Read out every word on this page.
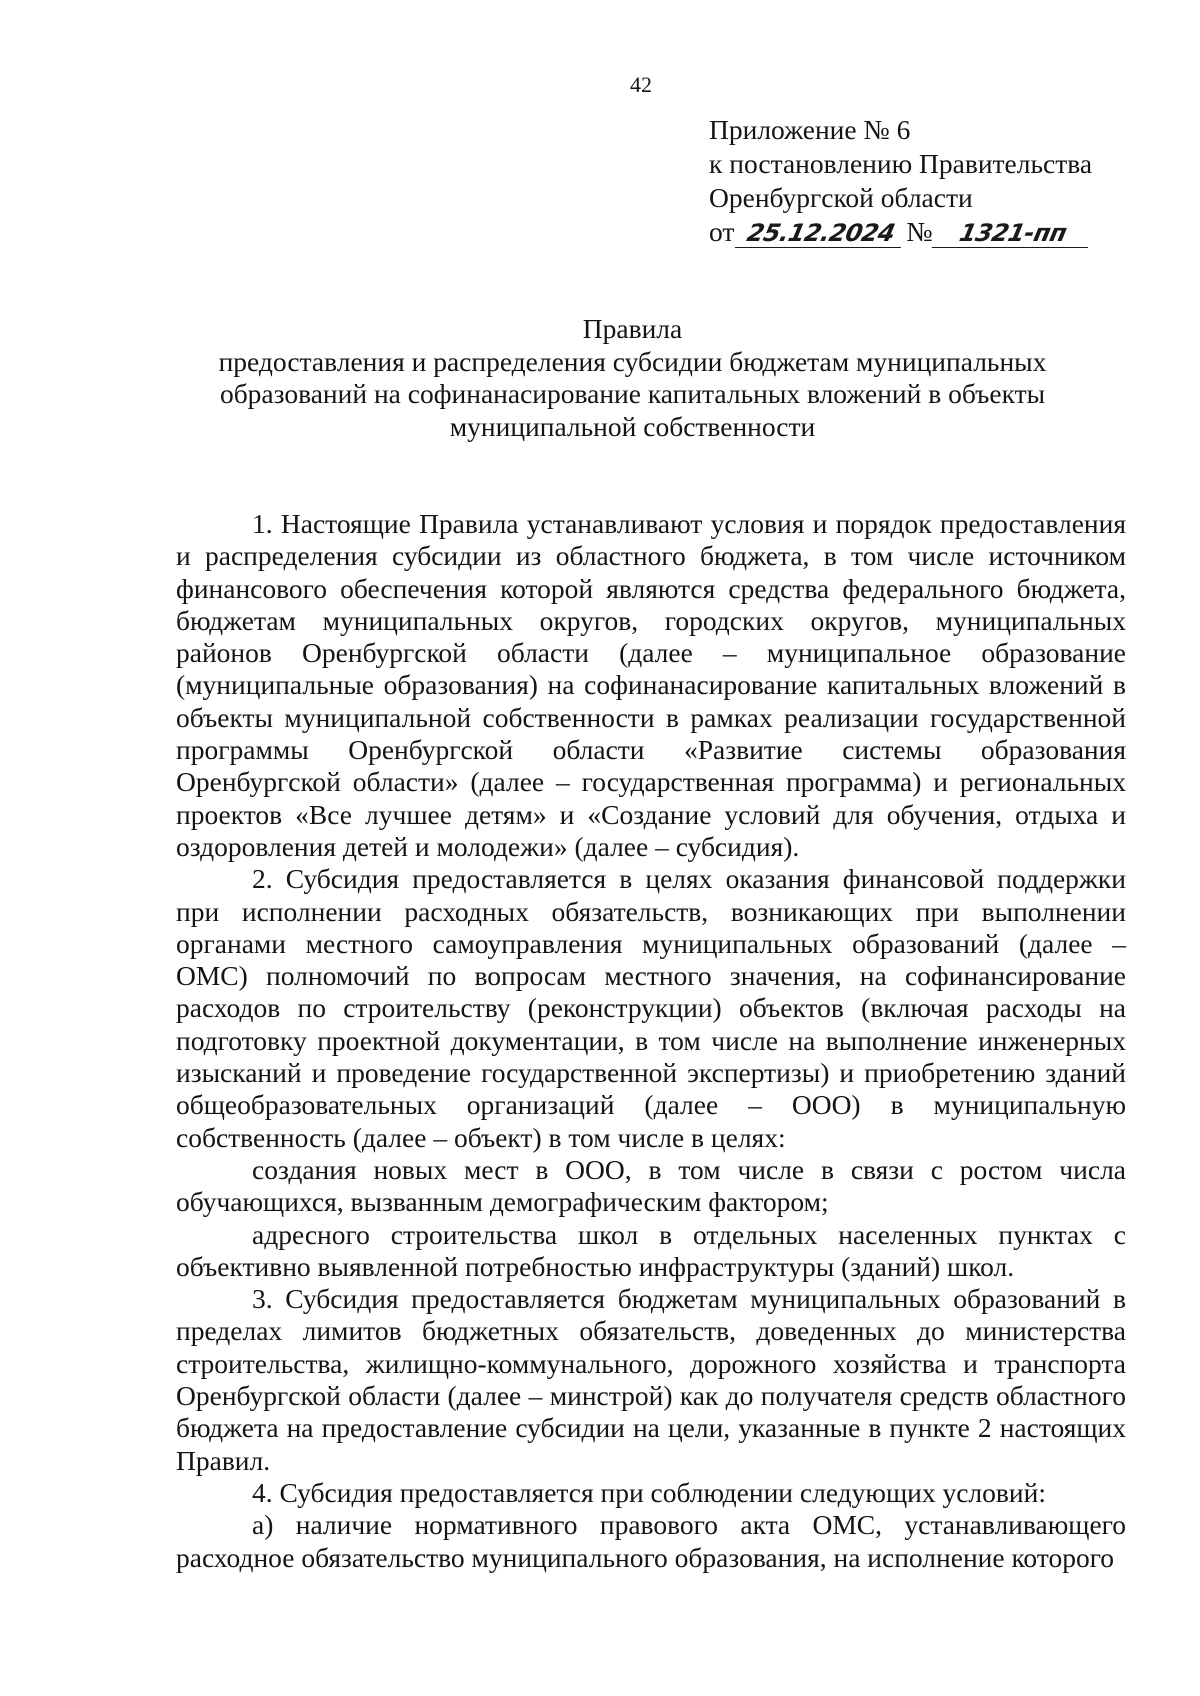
42
Приложение № 6
к постановлению Правительства
Оренбургской области
от 25.12.2024 № 1321-пп
Правила
предоставления и распределения субсидии бюджетам муниципальных
образований на софинанасирование капитальных вложений в объекты
муниципальной собственности

1. Настоящие Правила устанавливают условия и порядок предоставления и распределения субсидии из областного бюджета, в том числе источником финансового обеспечения которой являются средства федерального бюджета, бюджетам муниципальных округов, городских округов, муниципальных районов Оренбургской области (далее – муниципальное образование (муниципальные образования) на софинанасирование капитальных вложений в объекты муниципальной собственности в рамках реализации государственной программы Оренбургской области «Развитие системы образования Оренбургской области» (далее – государственная программа) и региональных проектов «Все лучшее детям» и «Создание условий для обучения, отдыха и оздоровления детей и молодежи» (далее – субсидия).

2. Субсидия предоставляется в целях оказания финансовой поддержки при исполнении расходных обязательств, возникающих при выполнении органами местного самоуправления муниципальных образований (далее – ОМС) полномочий по вопросам местного значения, на софинансирование расходов по строительству (реконструкции) объектов (включая расходы на подготовку проектной документации, в том числе на выполнение инженерных изысканий и проведение государственной экспертизы) и приобретению зданий общеобразовательных организаций (далее – ООО) в муниципальную собственность (далее – объект) в том числе в целях:

создания новых мест в ООО, в том числе в связи с ростом числа обучающихся, вызванным демографическим фактором;

адресного строительства школ в отдельных населенных пунктах с объективно выявленной потребностью инфраструктуры (зданий) школ.

3. Субсидия предоставляется бюджетам муниципальных образований в пределах лимитов бюджетных обязательств, доведенных до министерства строительства, жилищно-коммунального, дорожного хозяйства и транспорта Оренбургской области (далее – минстрой) как до получателя средств областного бюджета на предоставление субсидии на цели, указанные в пункте 2 настоящих Правил.

4. Субсидия предоставляется при соблюдении следующих условий:

а) наличие нормативного правового акта ОМС, устанавливающего расходное обязательство муниципального образования, на исполнение которого
